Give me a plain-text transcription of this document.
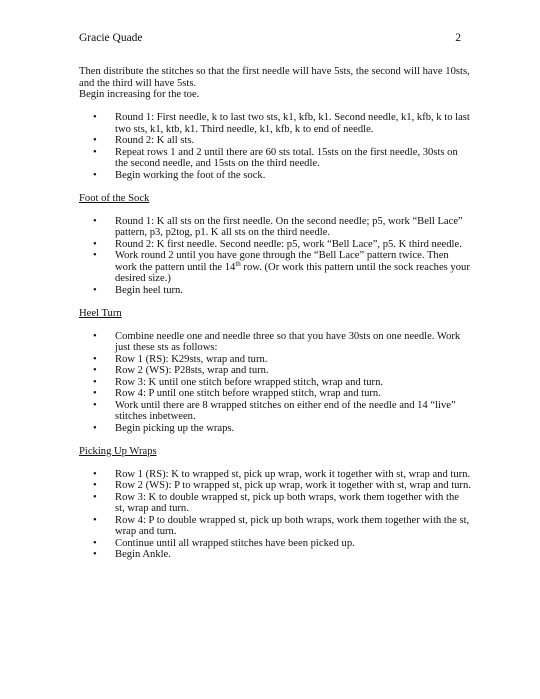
Gracie Quade	2

Then distribute the stitches so that the first needle will have 5sts, the second will have 10sts, and the third will have 5sts.

Begin increasing for the toe.

• Round 1: First needle, k to last two sts, k1, kfb, k1. Second needle, k1, kfb, k to last two sts, k1, ktb, k1. Third needle, k1, kfb, k to end of needle.
• Round 2: K all sts.
• Repeat rows 1 and 2 until there are 60 sts total. 15sts on the first needle, 30sts on the second needle, and 15sts on the third needle.
• Begin working the foot of the sock.

Foot of the Sock

• Round 1: K all sts on the first needle. On the second needle; p5, work “Bell Lace” pattern, p3, p2tog, p1. K all sts on the third needle.
• Round 2: K first needle. Second needle: p5, work “Bell Lace”, p5. K third needle.
• Work round 2 until you have gone through the “Bell Lace” pattern twice. Then work the pattern until the 14th row. (Or work this pattern until the sock reaches your desired size.)
• Begin heel turn.

Heel Turn

• Combine needle one and needle three so that you have 30sts on one needle. Work just these sts as follows:
• Row 1 (RS): K29sts, wrap and turn.
• Row 2 (WS): P28sts, wrap and turn.
• Row 3: K until one stitch before wrapped stitch, wrap and turn.
• Row 4: P until one stitch before wrapped stitch, wrap and turn.
• Work until there are 8 wrapped stitches on either end of the needle and 14 “live” stitches inbetween.
• Begin picking up the wraps.

Picking Up Wraps

• Row 1 (RS): K to wrapped st, pick up wrap, work it together with st, wrap and turn.
• Row 2 (WS): P to wrapped st, pick up wrap, work it together with st, wrap and turn.
• Row 3: K to double wrapped st, pick up both wraps, work them together with the st, wrap and turn.
• Row 4: P to double wrapped st, pick up both wraps, work them together with the st, wrap and turn.
• Continue until all wrapped stitches have been picked up.
• Begin Ankle.
